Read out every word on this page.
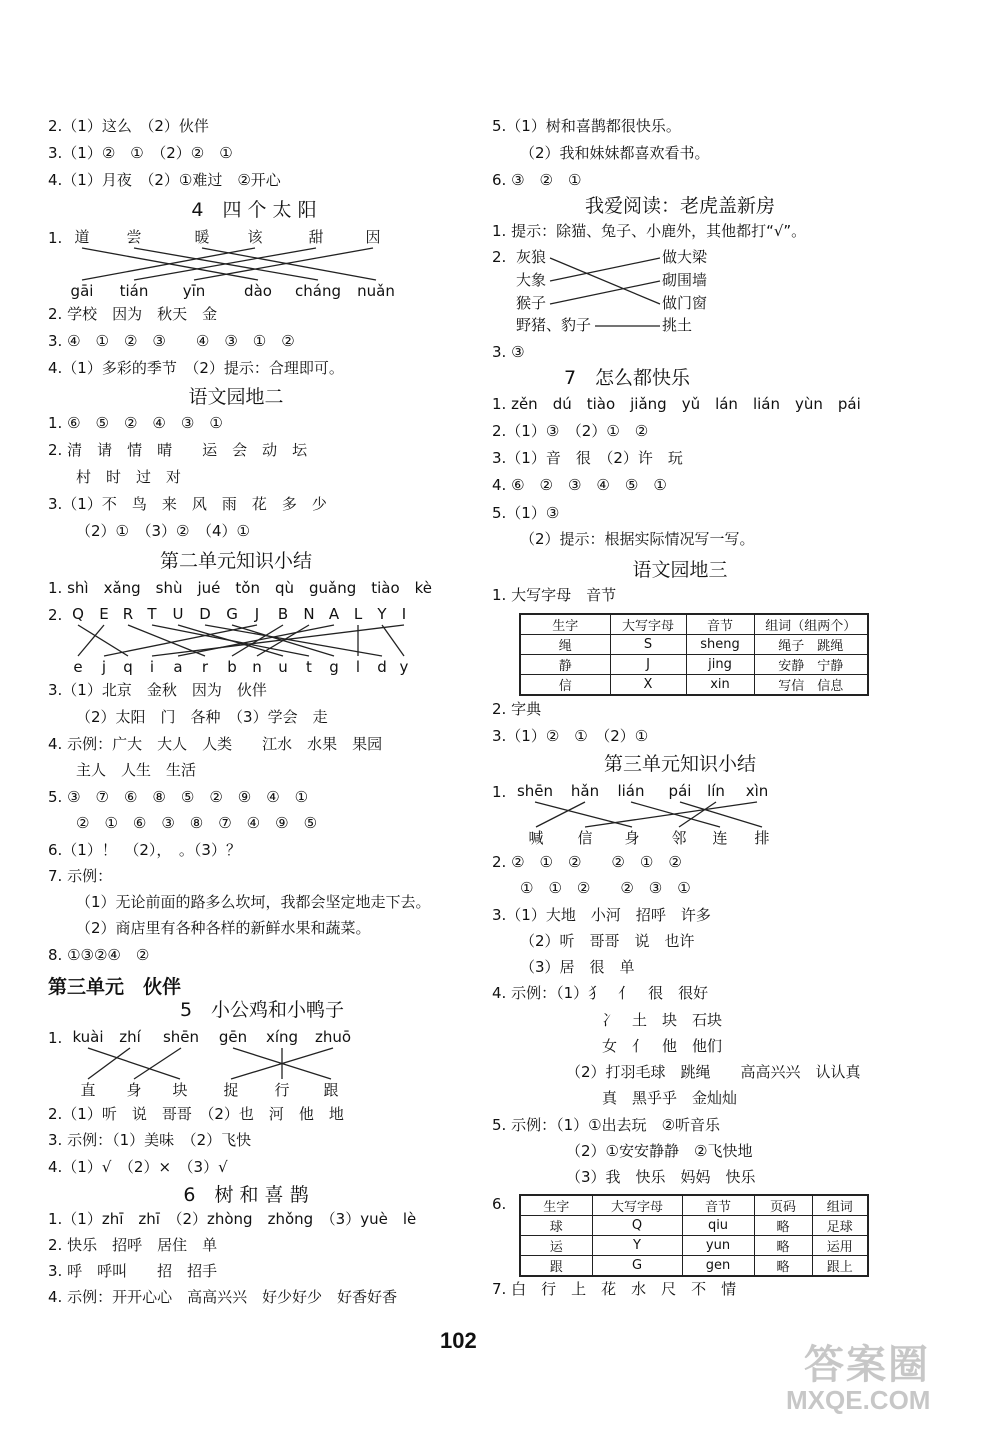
2.（1）这么　（2）伙伴
3.（1）②　①　（2）②　①
4.（1）月夜　（2）①难过　②开心
4　四 个 太 阳
1. 道 尝	暖	该	甜	因
gāi tián yīn	dào cháng nuǎn
2. 学校　因为　秋天　金
3. ④　①　②　③　　④　③　①　②
4.（1）多彩的季节　（2）提示：合理即可。
语文园地二
1. ⑥　⑤　②　④　③　①
2. 清　请　情　晴　　运　会　动　坛
村　时　过　对
3.（1）不　鸟　来　风　雨　花　多　少
（2）①　（3）②　（4）①
第二单元知识小结
1. shì　xǎng　shù　jué　tǒn　qù　guǎng　tiào　kè
2. Q E R T U D G J B N A L Y I
e j q i a r b n u t g l d y
3.（1）北京　金秋　因为　伙伴
（2）太阳　门　各种　（3）学会　走
4. 示例：广大　大人　人类　　江水　水果　果园
主人　人生　生活
5. ③　⑦　⑥　⑧　⑤　②　⑨　④　①
②　①　⑥　③　⑧　⑦　④　⑨　⑤
6.（1）！　（2），　。（3）？
7. 示例：
（1）无论前面的路多么坎坷，我都会坚定地走下去。
（2）商店里有各种各样的新鲜水果和蔬菜。
8. ①③②④　②
第三单元　伙伴
5　小公鸡和小鸭子
1. kuài zhí shēn gēn xíng zhuō
直 身 块 捉 行 跟
2.（1）听　说　哥哥　（2）也　河　他　地
3. 示例：（1）美味　（2）飞快
4.（1）√　（2）×　（3）√
6　树 和 喜 鹊
1.（1）zhī　zhī　（2）zhòng　zhǒng　（3）yuè　lè
2. 快乐　招呼　居住　单
3. 呼　呼叫　　招　招手
4. 示例：开开心心　高高兴兴　好少好少　好香好香
5.（1）树和喜鹊都很快乐。
（2）我和妹妹都喜欢看书。
6. ③　②　①
我爱阅读：老虎盖新房
1. 提示：除猫、兔子、小鹿外，其他都打“√”。
2. 灰狼
大象
猴子
野猪、豹子
做大梁
砌围墙
做门窗
挑土
3. ③
7　怎么都快乐
1. zěn　dú　tiào　jiǎng　yǔ　lán　lián　yùn　pái
2.（1）③　（2）①　②
3.（1）音　很　（2）许　玩
4. ⑥　②　③　④　⑤　①
5.（1）③
（2）提示：根据实际情况写一写。
语文园地三
1. 大写字母　音节
生字	大写字母	音节	组词（组两个）
绳	S	sheng	绳子　跳绳
静	J	jing	安静　宁静
信	X	xin	写信　信息
2. 字典
3.（1）②　①　（2）①
第三单元知识小结
1. shēn hǎn lián pái lín xìn
喊 信 身 邻 连 排
2. ②　①　②　　②　①　②
①　①　②　　②　③　①
3.（1）大地　小河　招呼　许多
（2）听　哥哥　说　也许
（3）居　很　单
4. 示例：（1）犭　亻　很　很好
冫　土　块　石块
女　亻　他　他们
（2）打羽毛球　跳绳　　高高兴兴　认认真
真　黑乎乎　金灿灿
5. 示例：（1）①出去玩　②听音乐
（2）①安安静静　②飞快地
（3）我　快乐　妈妈　快乐
6.	生字	大写字母	音节	页码	组词
球	Q	qiu	略	足球
运	Y	yun	略	运用
跟	G	gen	略	跟上
7. 白　行　上　花　水　尺　不　情
102
答案圈
MXQE.COM
